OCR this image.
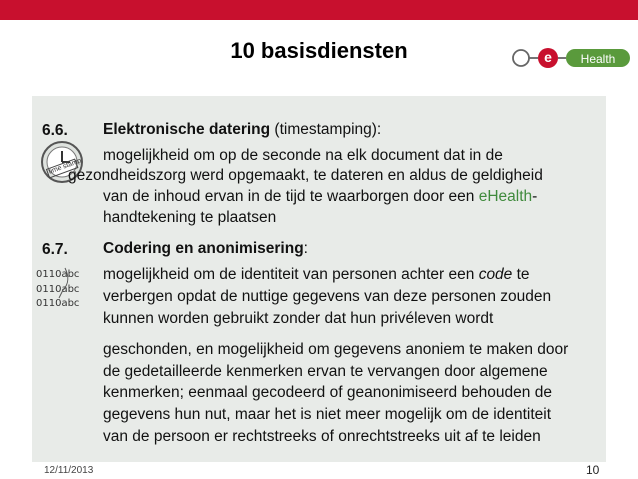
10 basisdiensten	e	Health
6.6. Elektronische datering (timestamping):
time stamp
mogelijkheid om op de seconde na elk document dat in de
gezondheidszorg werd opgemaakt, te dateren en aldus de geldigheid
van de inhoud ervan in de tijd te waarborgen door een eHealth-
handtekening te plaatsen
6.7. Codering en anonimisering:
0110abc
0110abc
0110abc
mogelijkheid om de identiteit van personen achter een code te
verbergen opdat de nuttige gegevens van deze personen zouden
kunnen worden gebruikt zonder dat hun privéleven wordt
geschonden, en mogelijkheid om gegevens anoniem te maken door
de gedetailleerde kenmerken ervan te vervangen door algemene
kenmerken; eenmaal gecodeerd of geanonimiseerd behouden de
gegevens hun nut, maar het is niet meer mogelijk om de identiteit
van de persoon er rechtstreeks of onrechtstreeks uit af te leiden
12/11/2013	10
